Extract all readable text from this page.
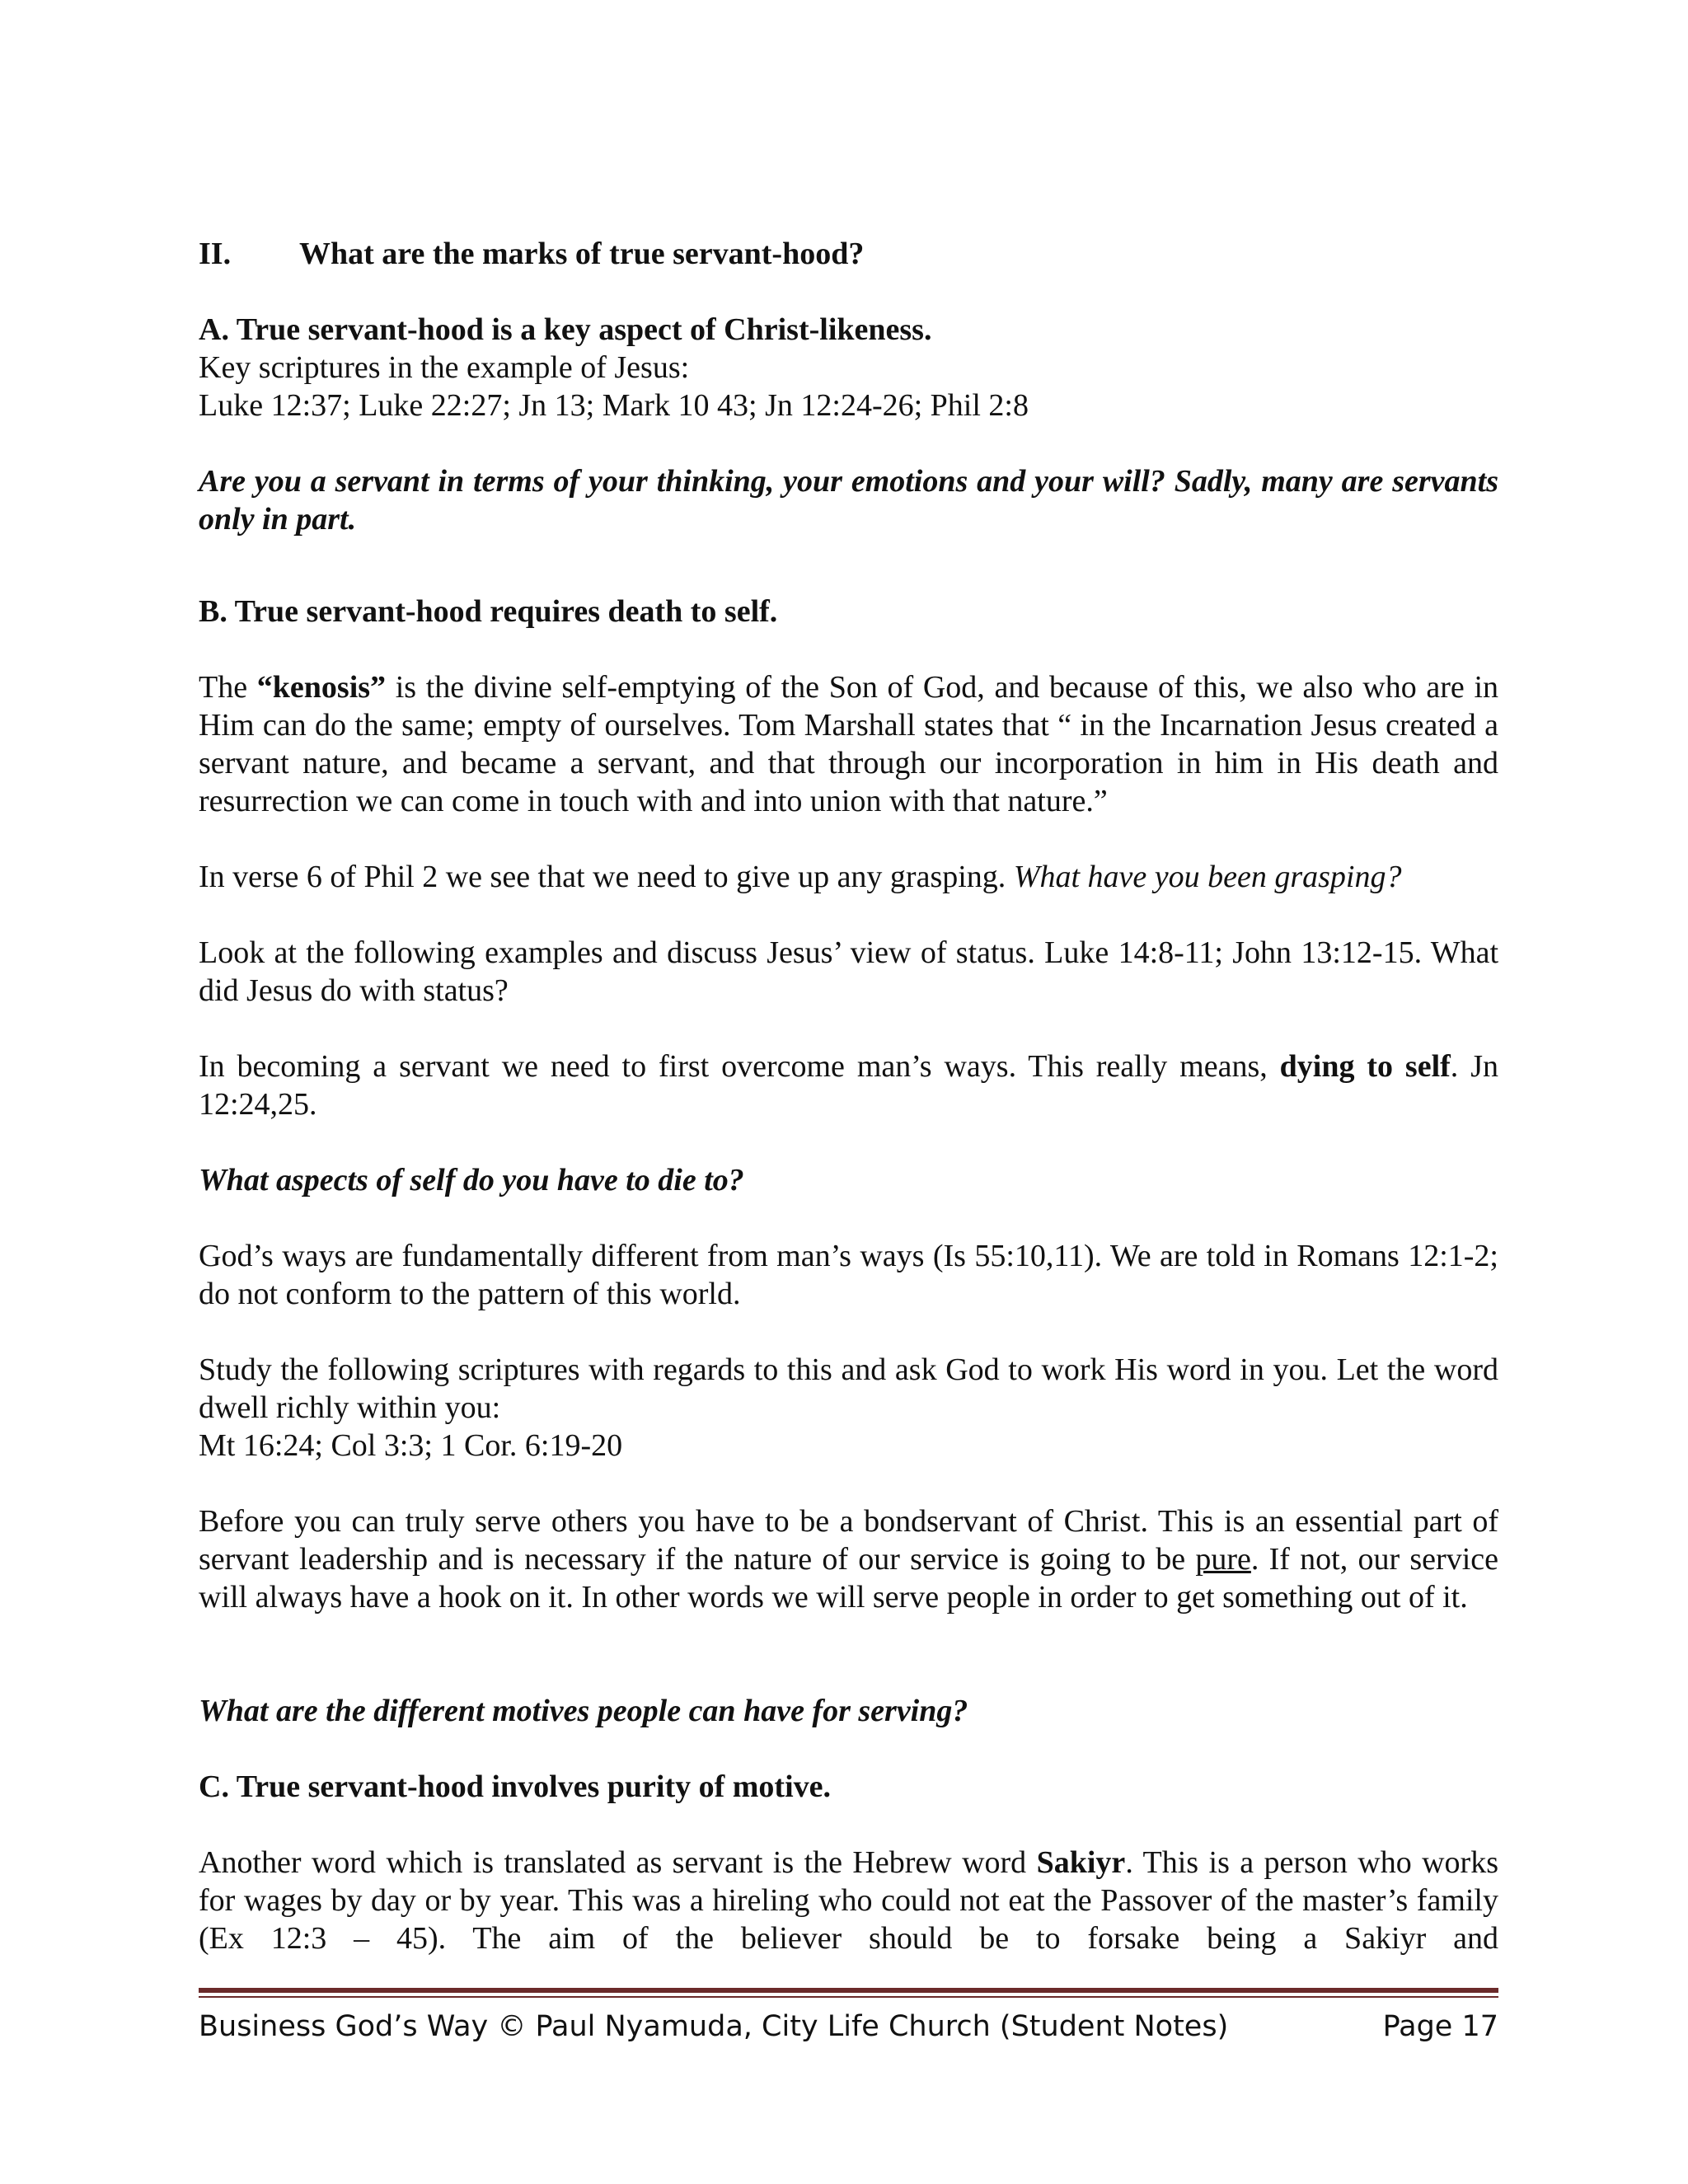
II. What are the marks of true servant-hood?
A. True servant-hood is a key aspect of Christ-likeness.
Key scriptures in the example of Jesus:
Luke 12:37; Luke 22:27; Jn 13; Mark 10 43; Jn 12:24-26; Phil 2:8
Are you a servant in terms of your thinking, your emotions and your will? Sadly, many are servants only in part.
B. True servant-hood requires death to self.
The “kenosis” is the divine self-emptying of the Son of God, and because of this, we also who are in Him can do the same; empty of ourselves. Tom Marshall states that “ in the Incarnation Jesus created a servant nature, and became a servant, and that through our incorporation in him in His death and resurrection we can come in touch with and into union with that nature.”
In verse 6 of Phil 2 we see that we need to give up any grasping. What have you been grasping?
Look at the following examples and discuss Jesus’ view of status. Luke 14:8-11; John 13:12-15. What did Jesus do with status?
In becoming a servant we need to first overcome man’s ways. This really means, dying to self. Jn 12:24,25.
What aspects of self do you have to die to?
God’s ways are fundamentally different from man’s ways (Is 55:10,11). We are told in Romans 12:1-2; do not conform to the pattern of this world.
Study the following scriptures with regards to this and ask God to work His word in you. Let the word dwell richly within you:
Mt 16:24; Col 3:3; 1 Cor. 6:19-20
Before you can truly serve others you have to be a bondservant of Christ. This is an essential part of servant leadership and is necessary if the nature of our service is going to be pure. If not, our service will always have a hook on it. In other words we will serve people in order to get something out of it.
What are the different motives people can have for serving?
C. True servant-hood involves purity of motive.
Another word which is translated as servant is the Hebrew word Sakiyr. This is a person who works for wages by day or by year. This was a hireling who could not eat the Passover of the master’s family (Ex 12:3 – 45). The aim of the believer should be to forsake being a Sakiyr and
Business God’s Way © Paul Nyamuda, City Life Church (Student Notes)	Page 17
